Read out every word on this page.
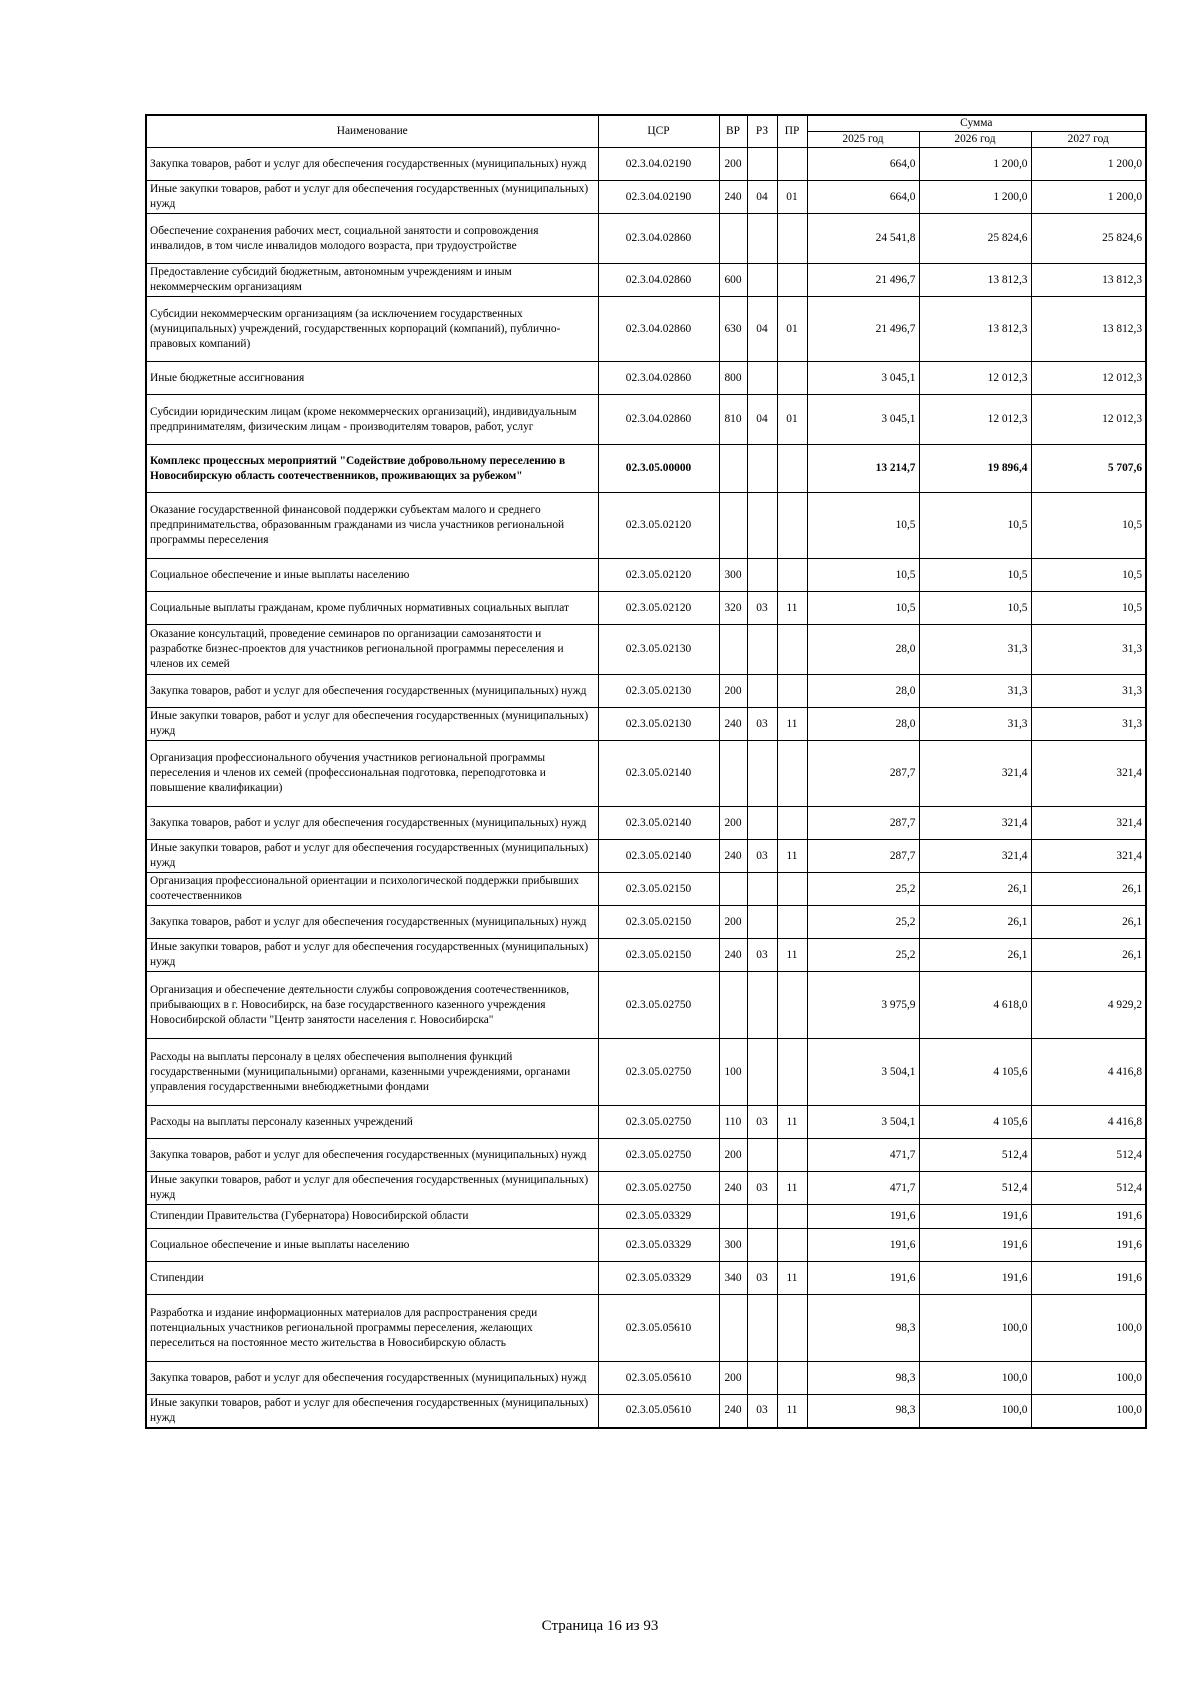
Наименование	ЦСР	ВР	РЗ	ПР	Сумма		
					2025 год	2026 год	2027 год
Закупка товаров, работ и услуг для обеспечения государственных (муниципальных) нужд	02.3.04.02190	200			664,0	1 200,0	1 200,0
Иные закупки товаров, работ и услуг для обеспечения государственных (муниципальных) нужд	02.3.04.02190	240	04	01	664,0	1 200,0	1 200,0
Обеспечение сохранения рабочих мест, социальной занятости и сопровождения инвалидов, в том числе инвалидов молодого возраста, при трудоустройстве	02.3.04.02860				24 541,8	25 824,6	25 824,6
Предоставление субсидий бюджетным, автономным учреждениям и иным некоммерческим организациям	02.3.04.02860	600			21 496,7	13 812,3	13 812,3
Субсидии некоммерческим организациям (за исключением государственных (муниципальных) учреждений, государственных корпораций (компаний), публично-правовых компаний)	02.3.04.02860	630	04	01	21 496,7	13 812,3	13 812,3
Иные бюджетные ассигнования	02.3.04.02860	800			3 045,1	12 012,3	12 012,3
Субсидии юридическим лицам (кроме некоммерческих организаций), индивидуальным предпринимателям, физическим лицам - производителям товаров, работ, услуг	02.3.04.02860	810	04	01	3 045,1	12 012,3	12 012,3
Комплекс процессных мероприятий "Содействие добровольному переселению в Новосибирскую область соотечественников, проживающих за рубежом"	02.3.05.00000				13 214,7	19 896,4	5 707,6
Оказание государственной финансовой поддержки субъектам малого и среднего предпринимательства, образованным гражданами из числа участников региональной программы переселения	02.3.05.02120				10,5	10,5	10,5
Социальное обеспечение и иные выплаты населению	02.3.05.02120	300			10,5	10,5	10,5
Социальные выплаты гражданам, кроме публичных нормативных социальных выплат	02.3.05.02120	320	03	11	10,5	10,5	10,5
Оказание консультаций, проведение семинаров по организации самозанятости и разработке бизнес-проектов для участников региональной программы переселения и членов их семей	02.3.05.02130				28,0	31,3	31,3
Закупка товаров, работ и услуг для обеспечения государственных (муниципальных) нужд	02.3.05.02130	200			28,0	31,3	31,3
Иные закупки товаров, работ и услуг для обеспечения государственных (муниципальных) нужд	02.3.05.02130	240	03	11	28,0	31,3	31,3
Организация профессионального обучения участников региональной программы переселения и членов их семей (профессиональная подготовка, переподготовка и повышение квалификации)	02.3.05.02140				287,7	321,4	321,4
Закупка товаров, работ и услуг для обеспечения государственных (муниципальных) нужд	02.3.05.02140	200			287,7	321,4	321,4
Иные закупки товаров, работ и услуг для обеспечения государственных (муниципальных) нужд	02.3.05.02140	240	03	11	287,7	321,4	321,4
Организация профессиональной ориентации и психологической поддержки прибывших соотечественников	02.3.05.02150				25,2	26,1	26,1
Закупка товаров, работ и услуг для обеспечения государственных (муниципальных) нужд	02.3.05.02150	200			25,2	26,1	26,1
Иные закупки товаров, работ и услуг для обеспечения государственных (муниципальных) нужд	02.3.05.02150	240	03	11	25,2	26,1	26,1
Организация и обеспечение деятельности службы сопровождения соотечественников, прибывающих в г. Новосибирск, на базе государственного казенного учреждения Новосибирской области "Центр занятости населения г. Новосибирска"	02.3.05.02750				3 975,9	4 618,0	4 929,2
Расходы на выплаты персоналу в целях обеспечения выполнения функций государственными (муниципальными) органами, казенными учреждениями, органами управления государственными внебюджетными фондами	02.3.05.02750	100			3 504,1	4 105,6	4 416,8
Расходы на выплаты персоналу казенных учреждений	02.3.05.02750	110	03	11	3 504,1	4 105,6	4 416,8
Закупка товаров, работ и услуг для обеспечения государственных (муниципальных) нужд	02.3.05.02750	200			471,7	512,4	512,4
Иные закупки товаров, работ и услуг для обеспечения государственных (муниципальных) нужд	02.3.05.02750	240	03	11	471,7	512,4	512,4
Стипендии Правительства (Губернатора) Новосибирской области	02.3.05.03329				191,6	191,6	191,6
Социальное обеспечение и иные выплаты населению	02.3.05.03329	300			191,6	191,6	191,6
Стипендии	02.3.05.03329	340	03	11	191,6	191,6	191,6
Разработка и издание информационных материалов для распространения среди потенциальных участников региональной программы переселения, желающих переселиться на постоянное место жительства в Новосибирскую область	02.3.05.05610				98,3	100,0	100,0
Закупка товаров, работ и услуг для обеспечения государственных (муниципальных) нужд	02.3.05.05610	200			98,3	100,0	100,0
Иные закупки товаров, работ и услуг для обеспечения государственных (муниципальных) нужд	02.3.05.05610	240	03	11	98,3	100,0	100,0
Страница 16 из 93
